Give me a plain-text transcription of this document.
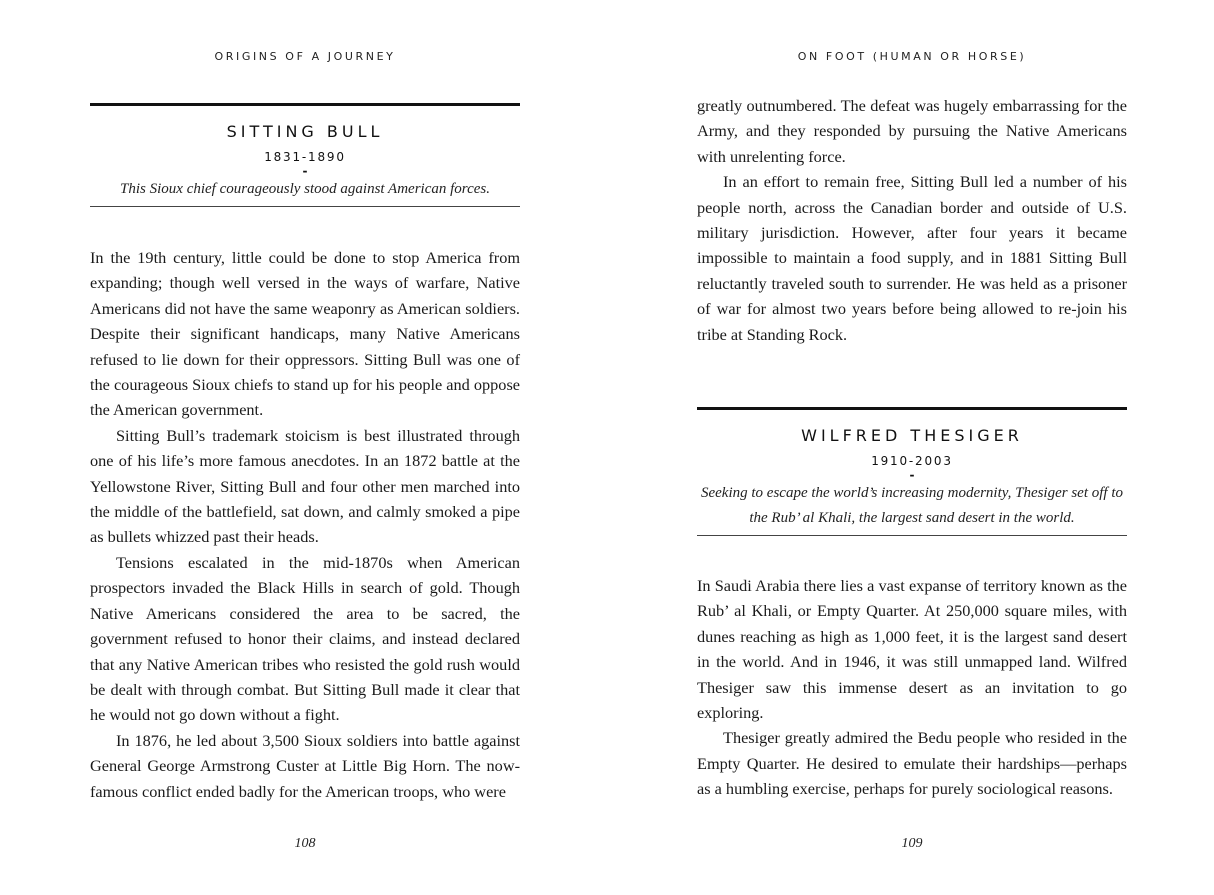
ORIGINS OF A JOURNEY
SITTING BULL
1831-1890
-
This Sioux chief courageously stood against American forces.

In the 19th century, little could be done to stop America from expanding; though well versed in the ways of warfare, Native Americans did not have the same weaponry as American soldiers. Despite their significant handicaps, many Native Americans refused to lie down for their oppressors. Sitting Bull was one of the courageous Sioux chiefs to stand up for his people and oppose the American government.

Sitting Bull’s trademark stoicism is best illustrated through one of his life’s more famous anecdotes. In an 1872 battle at the Yellowstone River, Sitting Bull and four other men marched into the middle of the battlefield, sat down, and calmly smoked a pipe as bullets whizzed past their heads.

Tensions escalated in the mid-1870s when American prospectors invaded the Black Hills in search of gold. Though Native Americans considered the area to be sacred, the government refused to honor their claims, and instead declared that any Native American tribes who resisted the gold rush would be dealt with through combat. But Sitting Bull made it clear that he would not go down without a fight.

In 1876, he led about 3,500 Sioux soldiers into battle against General George Armstrong Custer at Little Big Horn. The now-famous conflict ended badly for the American troops, who were

108
ON FOOT (HUMAN OR HORSE)

greatly outnumbered. The defeat was hugely embarrassing for the Army, and they responded by pursuing the Native Americans with unrelenting force.

In an effort to remain free, Sitting Bull led a number of his people north, across the Canadian border and outside of U.S. military jurisdiction. However, after four years it became impossible to maintain a food supply, and in 1881 Sitting Bull reluctantly traveled south to surrender. He was held as a prisoner of war for almost two years before being allowed to re-join his tribe at Standing Rock.

WILFRED THESIGER
1910-2003
-
Seeking to escape the world’s increasing modernity, Thesiger set off to the Rub’ al Khali, the largest sand desert in the world.

In Saudi Arabia there lies a vast expanse of territory known as the Rub’ al Khali, or Empty Quarter. At 250,000 square miles, with dunes reaching as high as 1,000 feet, it is the largest sand desert in the world. And in 1946, it was still unmapped land. Wilfred Thesiger saw this immense desert as an invitation to go exploring.

Thesiger greatly admired the Bedu people who resided in the Empty Quarter. He desired to emulate their hardships—perhaps as a humbling exercise, perhaps for purely sociological reasons.

109
